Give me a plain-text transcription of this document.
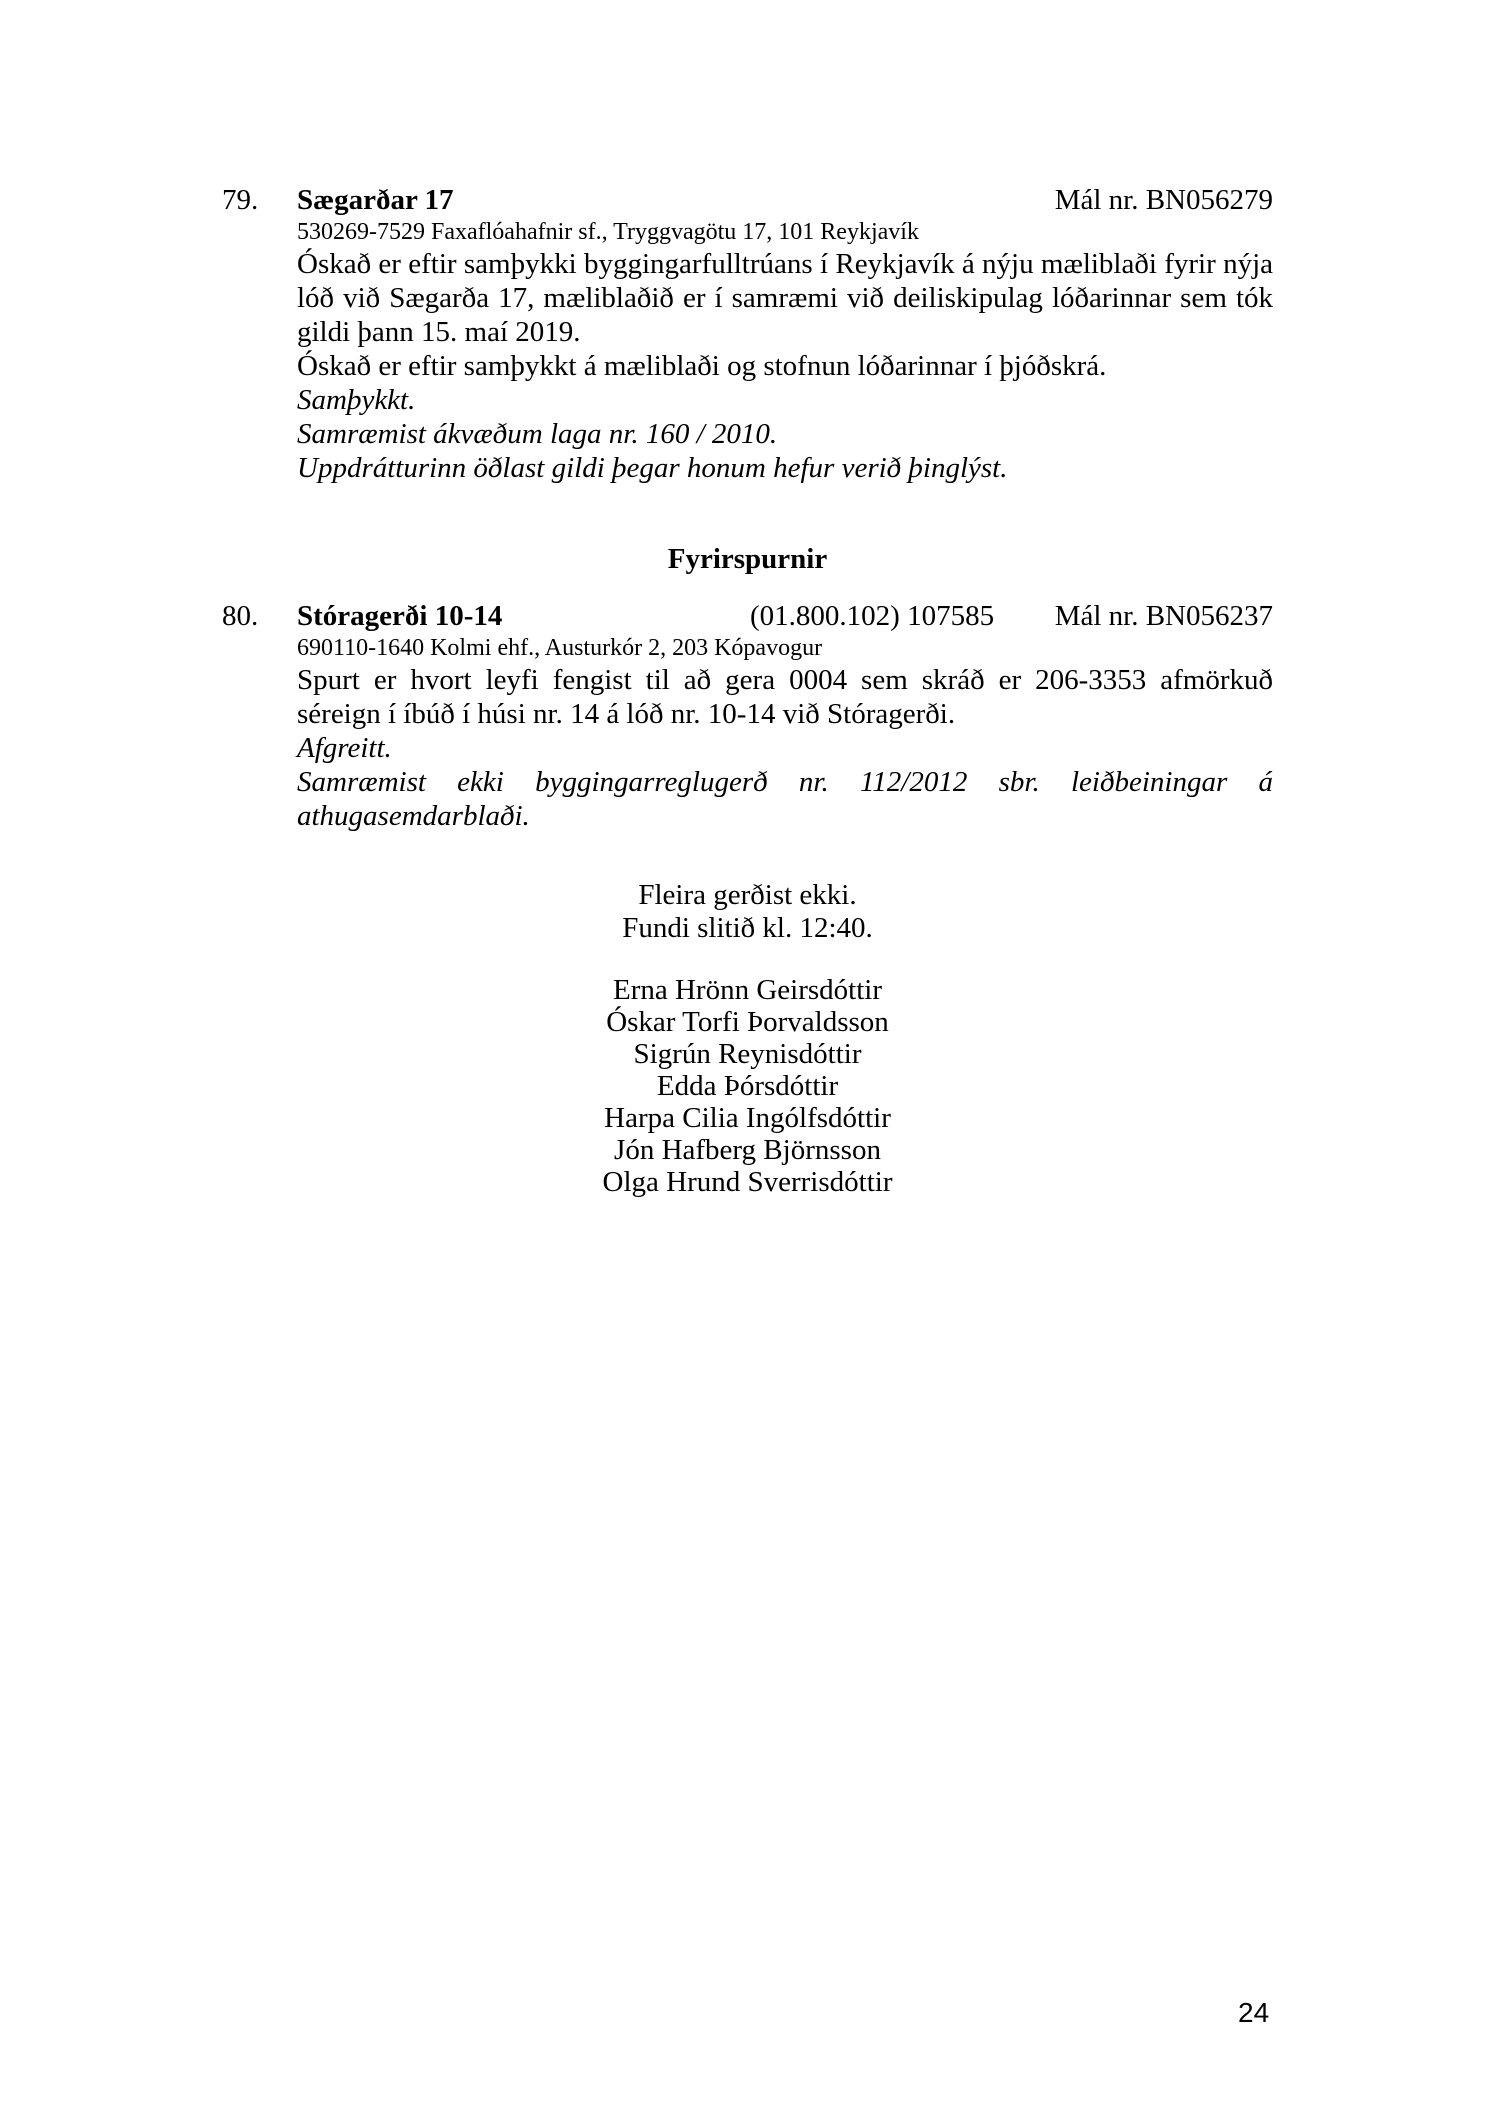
79.	Sægarðar 17	Mál nr. BN056279
530269-7529 Faxaflóahafnir sf., Tryggvagötu 17, 101 Reykjavík

Óskað er eftir samþykki byggingarfulltrúans í Reykjavík á nýju mæliblaði fyrir nýja lóð við Sægarða 17, mæliblaðið er í samræmi við deiliskipulag lóðarinnar sem tók gildi þann 15. maí 2019.

Óskað er eftir samþykkt á mæliblaði og stofnun lóðarinnar í þjóðskrá.

Samþykkt.

Samræmist ákvæðum laga nr. 160 / 2010.

Uppdrátturinn öðlast gildi þegar honum hefur verið þinglýst.

Fyrirspurnir
80.	Stóragerði 10-14	(01.800.102) 107585 Mál nr. BN056237
690110-1640 Kolmi ehf., Austurkór 2, 203 Kópavogur

Spurt er hvort leyfi fengist til að gera 0004 sem skráð er 206-3353 afmörkuð séreign í íbúð í húsi nr. 14 á lóð nr. 10-14 við Stóragerði.

Afgreitt.

Samræmist ekki byggingarreglugerð nr. 112/2012 sbr. leiðbeiningar á athugasemdarblaði.

Fleira gerðist ekki.
Fundi slitið kl. 12:40.
Erna Hrönn Geirsdóttir
Óskar Torfi Þorvaldsson
Sigrún Reynisdóttir
Edda Þórsdóttir
Harpa Cilia Ingólfsdóttir
Jón Hafberg Björnsson
Olga Hrund Sverrisdóttir
24
